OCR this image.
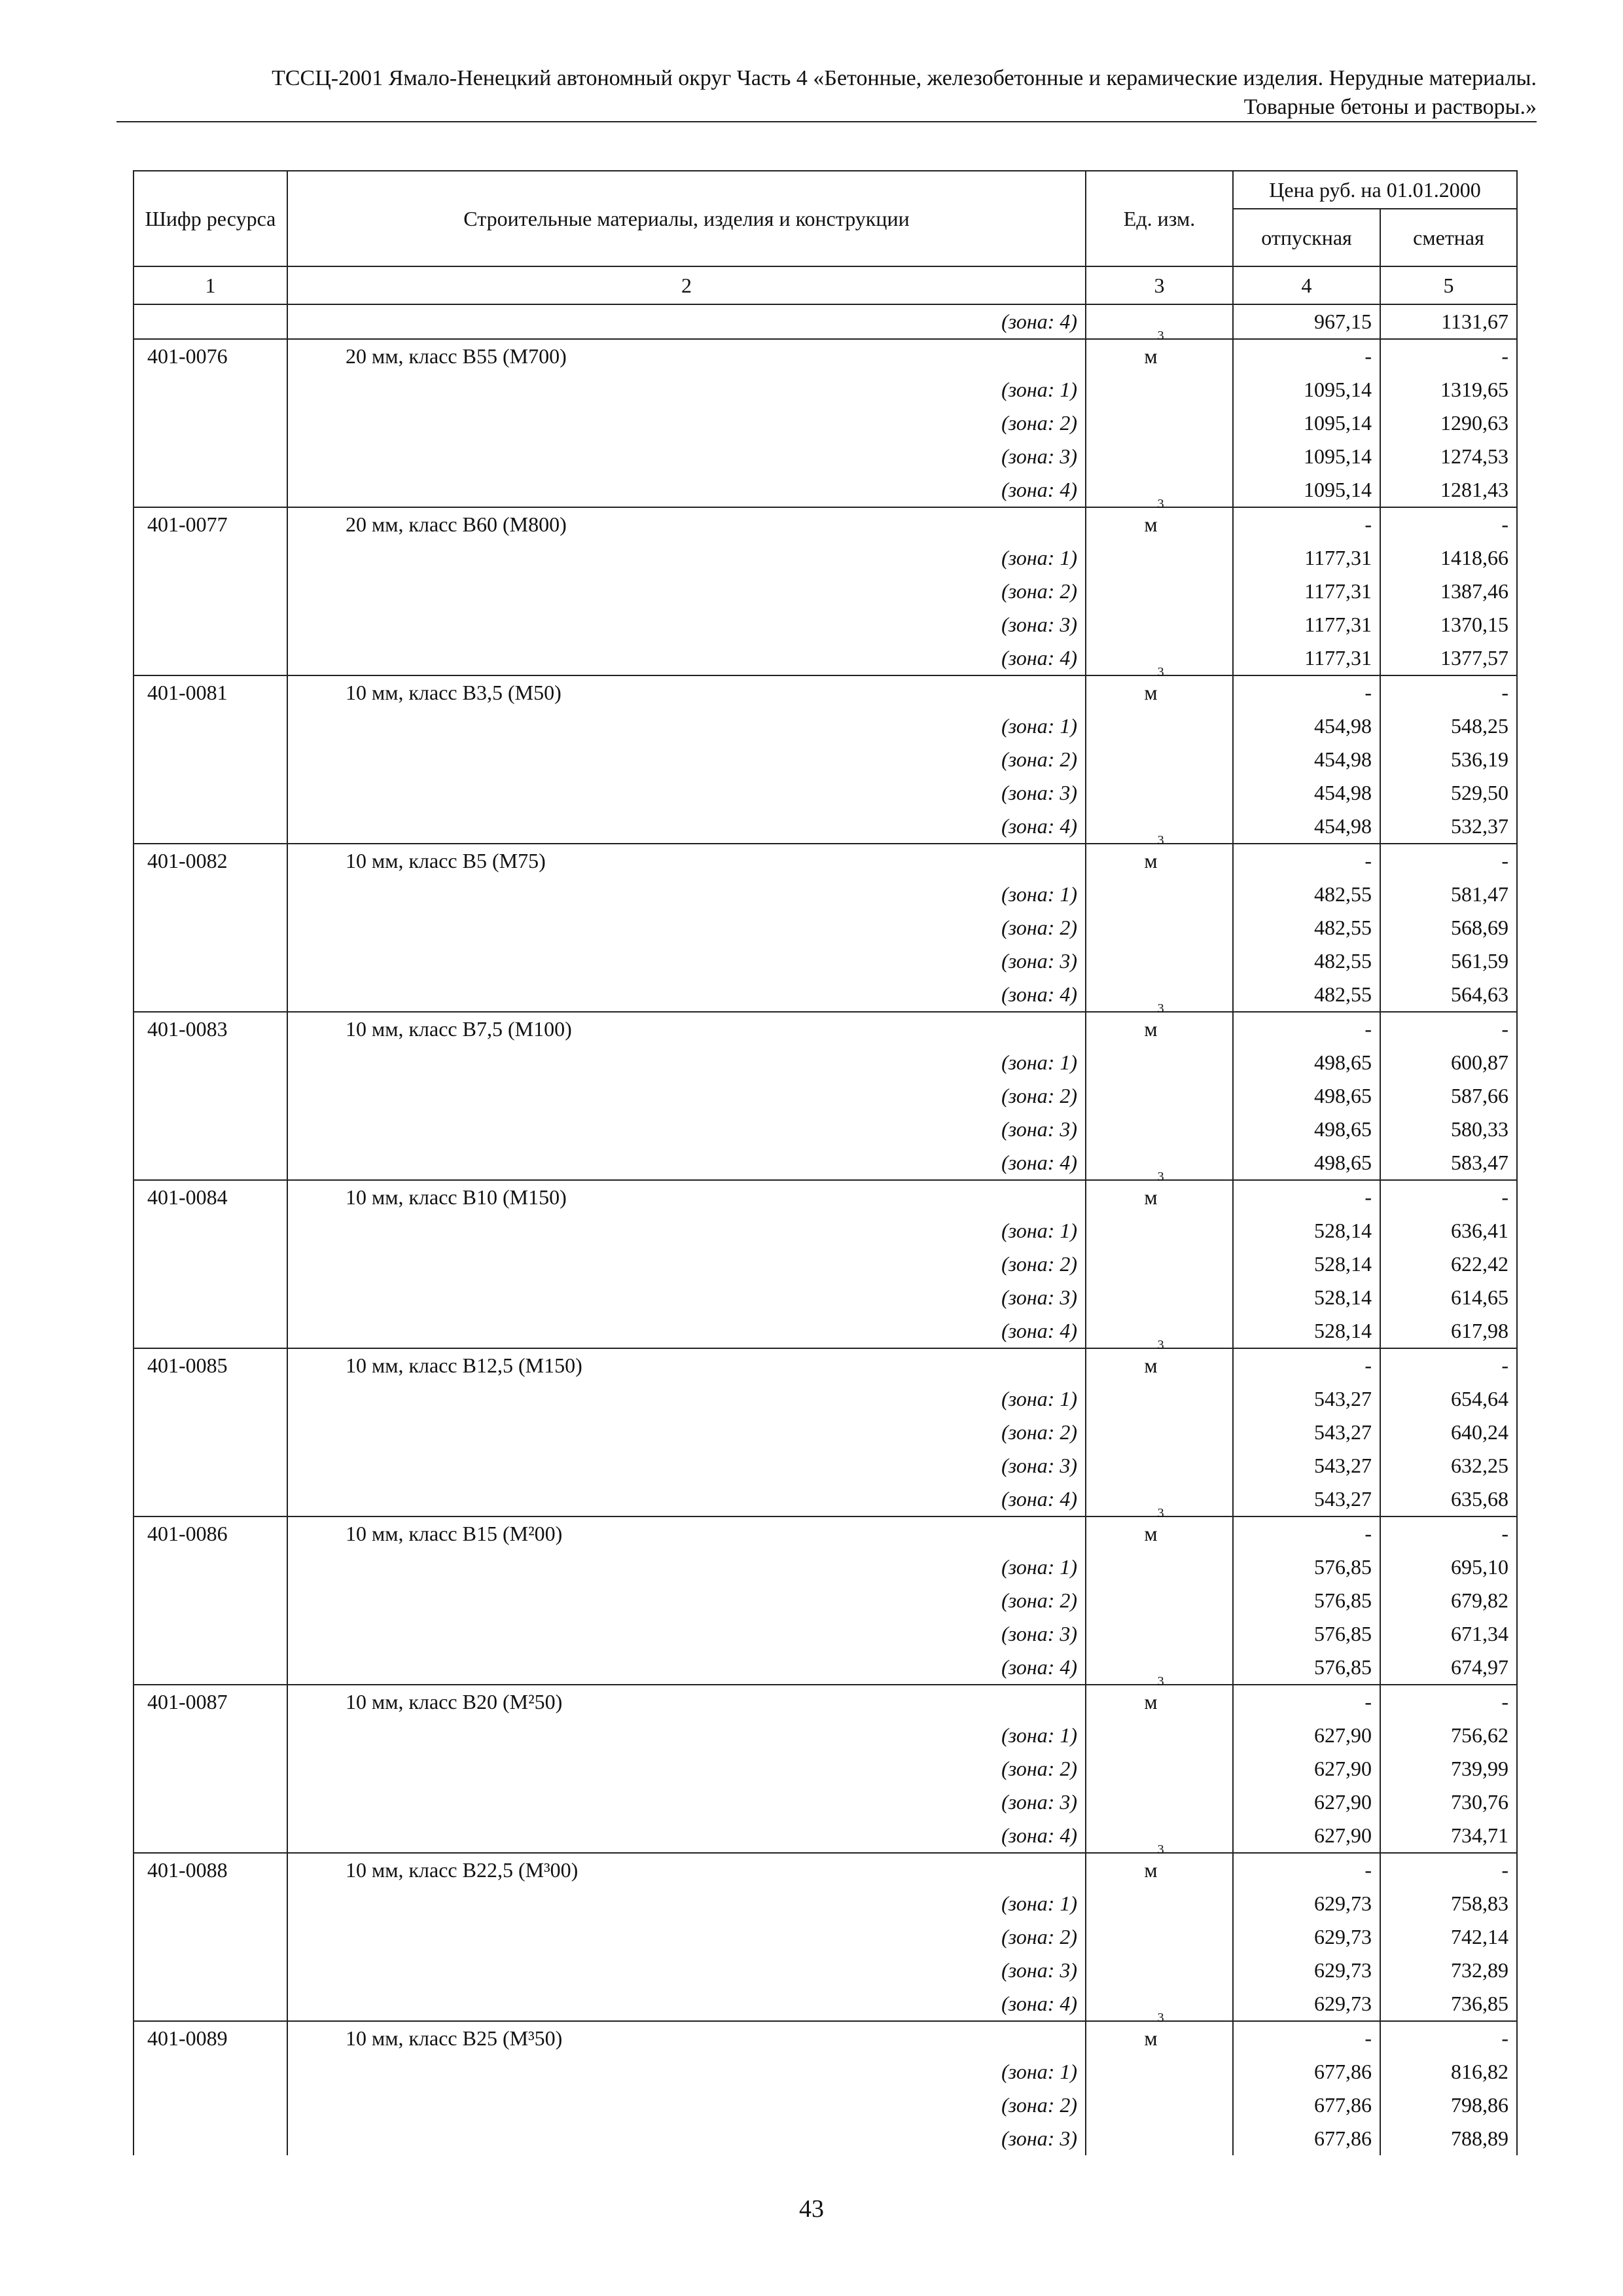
ТССЦ-2001 Ямало-Ненецкий автономный округ Часть 4 «Бетонные, железобетонные и керамические изделия. Нерудные материалы.
Товарные бетоны и растворы.»
Шифр ресурса	Строительные материалы, изделия и конструкции	Ед. изм.	Цена руб. на 01.01.2000	
			отпускная	сметная
1	2	3	4	5
	(зона: 4)		967,15	1131,67
401-0076	20 мм, класс В55 (М700)	$м^3$	-	-
	(зона: 1)		1095,14	1319,65
	(зона: 2)		1095,14	1290,63
	(зона: 3)		1095,14	1274,53
	(зона: 4)		1095,14	1281,43
401-0077	20 мм, класс В60 (М800)	$м^3$	-	-
	(зона: 1)		1177,31	1418,66
	(зона: 2)		1177,31	1387,46
	(зона: 3)		1177,31	1370,15
	(зона: 4)		1177,31	1377,57
401-0081	10 мм, класс В3,5 (М50)	$м^3$	-	-
	(зона: 1)		454,98	548,25
	(зона: 2)		454,98	536,19
	(зона: 3)		454,98	529,50
	(зона: 4)		454,98	532,37
401-0082	10 мм, класс В5 (М75)	$м^3$	-	-
	(зона: 1)		482,55	581,47
	(зона: 2)		482,55	568,69
	(зона: 3)		482,55	561,59
	(зона: 4)		482,55	564,63
401-0083	10 мм, класс В7,5 (М100)	$м^3$	-	-
	(зона: 1)		498,65	600,87
	(зона: 2)		498,65	587,66
	(зона: 3)		498,65	580,33
	(зона: 4)		498,65	583,47
401-0084	10 мм, класс В10 (М150)	$м^3$	-	-
	(зона: 1)		528,14	636,41
	(зона: 2)		528,14	622,42
	(зона: 3)		528,14	614,65
	(зона: 4)		528,14	617,98
401-0085	10 мм, класс В12,5 (М150)	$м^3$	-	-
	(зона: 1)		543,27	654,64
	(зона: 2)		543,27	640,24
	(зона: 3)		543,27	632,25
	(зона: 4)		543,27	635,68
401-0086	10 мм, класс В15 (М²00)	$м^3$	-	-
	(зона: 1)		576,85	695,10
	(зона: 2)		576,85	679,82
	(зона: 3)		576,85	671,34
	(зона: 4)		576,85	674,97
401-0087	10 мм, класс В20 (М²50)	$м^3$	-	-
	(зона: 1)		627,90	756,62
	(зона: 2)		627,90	739,99
	(зона: 3)		627,90	730,76
	(зона: 4)		627,90	734,71
401-0088	10 мм, класс В22,5 (М³00)	$м^3$	-	-
	(зона: 1)		629,73	758,83
	(зона: 2)		629,73	742,14
	(зона: 3)		629,73	732,89
	(зона: 4)		629,73	736,85
401-0089	10 мм, класс В25 (М³50)	$м^3$	-	-
	(зона: 1)		677,86	816,82
	(зона: 2)		677,86	798,86
	(зона: 3)		677,86	788,89
43
